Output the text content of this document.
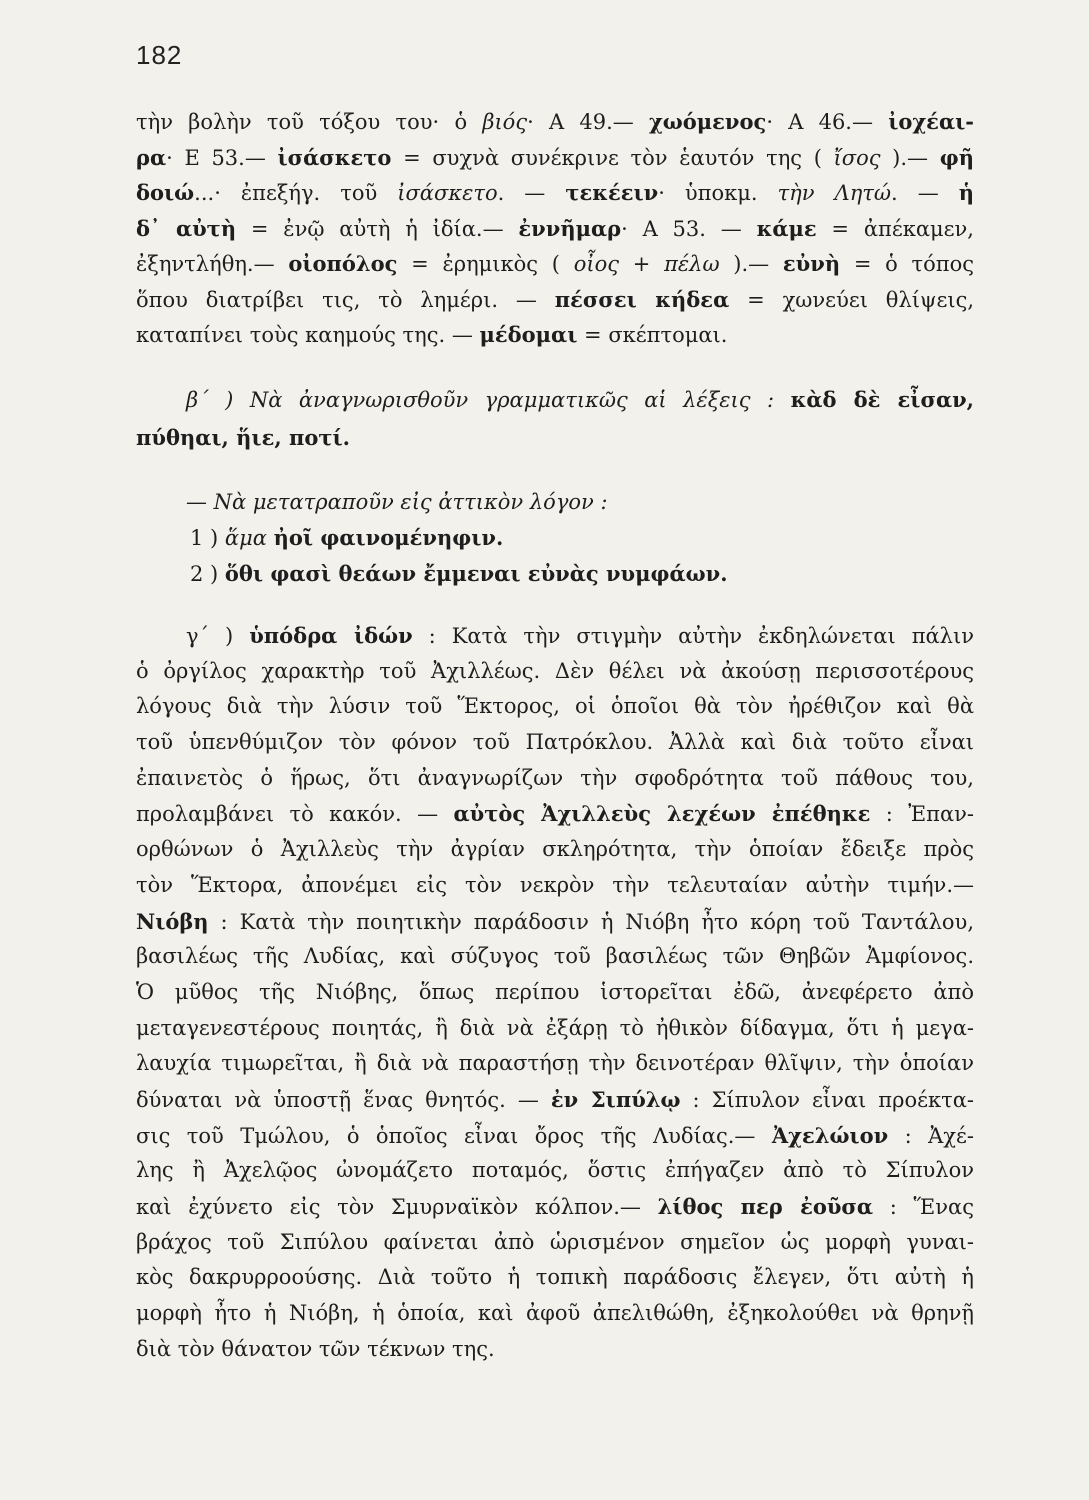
182
τὴν βολὴν τοῦ τόξου του· ὁ βιός· Α 49.— χωόμενος· Α 46.— ἰοχέαι-
ρα· Ε 53.— ἰσάσκετο = συχνὰ συνέκρινε τὸν ἑαυτόν της ( ἴσος ).— φῆ
δοιώ...· ἐπεξήγ. τοῦ ἰσάσκετο. — τεκέειν· ὑποκμ. τὴν Λητώ. — ἡ
δ᾽ αὐτὴ = ἐνῷ αὐτὴ ἡ ἰδία.— ἐννῆμαρ· Α 53. — κάμε = ἀπέκαμεν,
ἐξηντλήθη.— οἰοπόλος = ἐρημικὸς ( οἶος + πέλω ).— εὐνὴ = ὁ τόπος
ὅπου διατρίβει τις, τὸ λημέρι. — πέσσει κήδεα = χωνεύει θλίψεις,
καταπίνει τοὺς καημούς της. — μέδομαι = σκέπτομαι.
β΄ ) Νὰ ἀναγνωρισθοῦν γραμματικῶς αἱ λέξεις : κὰδ δὲ εἶσαν,
πύθηαι, ἥιε, ποτί.
— Νὰ μετατραποῦν εἰς ἀττικὸν λόγον :
1 ) ἅμα ἠοῖ φαινομένηφιν.
2 ) ὅθι φασὶ θεάων ἔμμεναι εὐνὰς νυμφάων.
γ΄ ) ὑπόδρα ἰδών : Κατὰ τὴν στιγμὴν αὐτὴν ἐκδηλώνεται πάλιν
ὁ ὀργίλος χαρακτὴρ τοῦ Ἀχιλλέως. Δὲν θέλει νὰ ἀκούσῃ περισσοτέρους
λόγους διὰ τὴν λύσιν τοῦ Ἕκτορος, οἱ ὁποῖοι θὰ τὸν ἠρέθιζον καὶ θὰ
τοῦ ὑπενθύμιζον τὸν φόνον τοῦ Πατρόκλου. Ἀλλὰ καὶ διὰ τοῦτο εἶναι
ἐπαινετὸς ὁ ἥρως, ὅτι ἀναγνωρίζων τὴν σφοδρότητα τοῦ πάθους του,
προλαμβάνει τὸ κακόν. — αὐτὸς Ἀχιλλεὺς λεχέων ἐπέθηκε : Ἐπαν-
ορθώνων ὁ Ἀχιλλεὺς τὴν ἀγρίαν σκληρότητα, τὴν ὁποίαν ἔδειξε πρὸς
τὸν Ἕκτορα, ἀπονέμει εἰς τὸν νεκρὸν τὴν τελευταίαν αὐτὴν τιμήν.—
Νιόβη : Κατὰ τὴν ποιητικὴν παράδοσιν ἡ Νιόβη ἦτο κόρη τοῦ Ταντάλου,
βασιλέως τῆς Λυδίας, καὶ σύζυγος τοῦ βασιλέως τῶν Θηβῶν Ἀμφίονος.
Ὁ μῦθος τῆς Νιόβης, ὅπως περίπου ἱστορεῖται ἐδῶ, ἀνεφέρετο ἀπὸ
μεταγενεστέρους ποιητάς, ἢ διὰ νὰ ἐξάρῃ τὸ ἠθικὸν δίδαγμα, ὅτι ἡ μεγα-
λαυχία τιμωρεῖται, ἢ διὰ νὰ παραστήσῃ τὴν δεινοτέραν θλῖψιν, τὴν ὁποίαν
δύναται νὰ ὑποστῇ ἕνας θνητός. — ἐν Σιπύλῳ : Σίπυλον εἶναι προέκτα-
σις τοῦ Τμώλου, ὁ ὁποῖος εἶναι ὄρος τῆς Λυδίας.— Ἀχελώιον : Ἀχέ-
λης ἢ Ἀχελῷος ὠνομάζετο ποταμός, ὅστις ἐπήγαζεν ἀπὸ τὸ Σίπυλον
καὶ ἐχύνετο εἰς τὸν Σμυρναϊκὸν κόλπον.— λίθος περ ἐοῦσα : Ἕνας
βράχος τοῦ Σιπύλου φαίνεται ἀπὸ ὡρισμένον σημεῖον ὡς μορφὴ γυναι-
κὸς δακρυρροούσης. Διὰ τοῦτο ἡ τοπικὴ παράδοσις ἔλεγεν, ὅτι αὐτὴ ἡ
μορφὴ ἦτο ἡ Νιόβη, ἡ ὁποία, καὶ ἀφοῦ ἀπελιθώθη, ἐξηκολούθει νὰ θρηνῇ
διὰ τὸν θάνατον τῶν τέκνων της.
